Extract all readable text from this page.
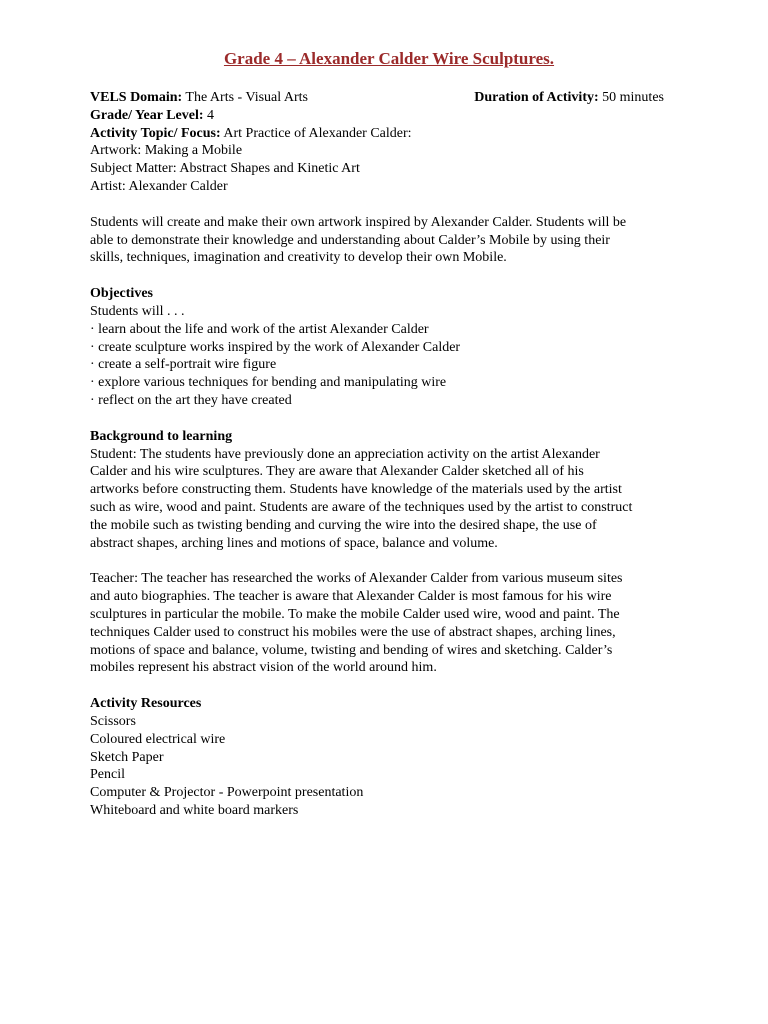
Grade 4 – Alexander Calder Wire Sculptures.
VELS Domain: The Arts - Visual Arts	Duration of Activity: 50 minutes
Grade/ Year Level: 4
Activity Topic/ Focus: Art Practice of Alexander Calder:
Artwork: Making a Mobile
Subject Matter: Abstract Shapes and Kinetic Art
Artist: Alexander Calder
Students will create and make their own artwork inspired by Alexander Calder. Students will be
able to demonstrate their knowledge and understanding about Calder’s Mobile by using their
skills, techniques, imagination and creativity to develop their own Mobile.
Objectives
Students will . . .
· learn about the life and work of the artist Alexander Calder
· create sculpture works inspired by the work of Alexander Calder
· create a self-portrait wire figure
· explore various techniques for bending and manipulating wire
· reflect on the art they have created
Background to learning
Student: The students have previously done an appreciation activity on the artist Alexander
Calder and his wire sculptures. They are aware that Alexander Calder sketched all of his
artworks before constructing them. Students have knowledge of the materials used by the artist
such as wire, wood and paint. Students are aware of the techniques used by the artist to construct
the mobile such as twisting bending and curving the wire into the desired shape, the use of
abstract shapes, arching lines and motions of space, balance and volume.
Teacher: The teacher has researched the works of Alexander Calder from various museum sites
and auto biographies. The teacher is aware that Alexander Calder is most famous for his wire
sculptures in particular the mobile. To make the mobile Calder used wire, wood and paint. The
techniques Calder used to construct his mobiles were the use of abstract shapes, arching lines,
motions of space and balance, volume, twisting and bending of wires and sketching. Calder’s
mobiles represent his abstract vision of the world around him.
Activity Resources
Scissors
Coloured electrical wire
Sketch Paper
Pencil
Computer & Projector - Powerpoint presentation
Whiteboard and white board markers
